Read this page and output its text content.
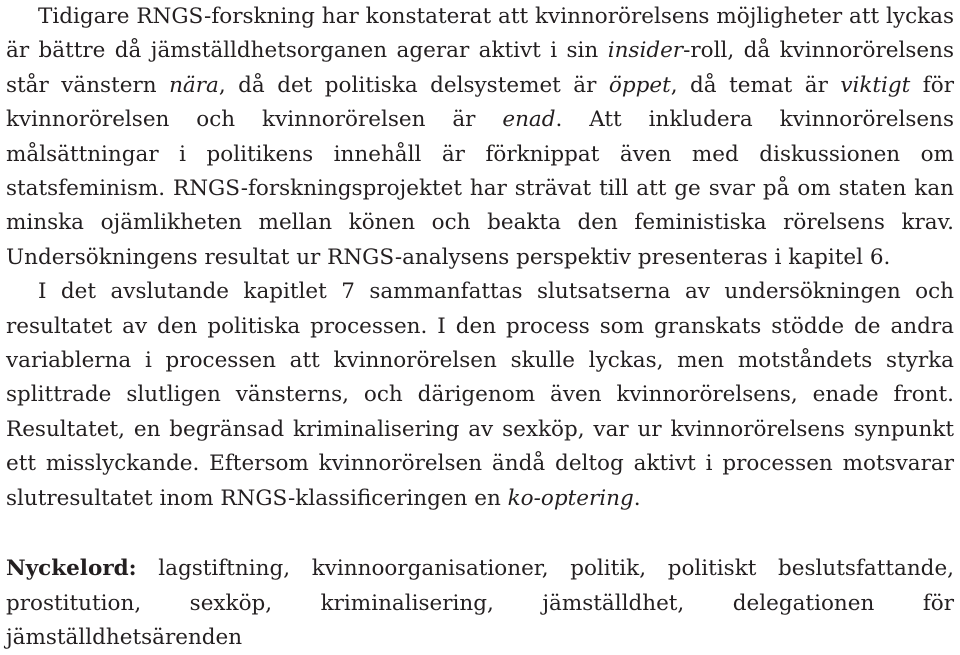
Tidigare RNGS-forskning har konstaterat att kvinnorörelsens möjligheter att lyckas är bättre då jämställdhetsorganen agerar aktivt i sin insider-roll, då kvinnorörelsens står vänstern nära, då det politiska delsystemet är öppet, då temat är viktigt för kvinnorörelsen och kvinnorörelsen är enad. Att inkludera kvinnorörelsens målsättningar i politikens innehåll är förknippat även med diskussionen om statsfeminism. RNGS-forskningsprojektet har strävat till att ge svar på om staten kan minska ojämlikheten mellan könen och beakta den feministiska rörelsens krav. Undersökningens resultat ur RNGS-analysens perspektiv presenteras i kapitel 6.

I det avslutande kapitlet 7 sammanfattas slutsatserna av undersökningen och resultatet av den politiska processen. I den process som granskats stödde de andra variablerna i processen att kvinnorörelsen skulle lyckas, men motståndets styrka splittrade slutligen vänsterns, och därigenom även kvinnorörelsens, enade front. Resultatet, en begränsad kriminalisering av sexköp, var ur kvinnorörelsens synpunkt ett misslyckande. Eftersom kvinnorörelsen ändå deltog aktivt i processen motsvarar slutresultatet inom RNGS-klassificeringen en ko-optering.

Nyckelord: lagstiftning, kvinnoorganisationer, politik, politiskt beslutsfattande, prostitution, sexköp, kriminalisering, jämställdhet, delegationen för jämställdhetsärenden
